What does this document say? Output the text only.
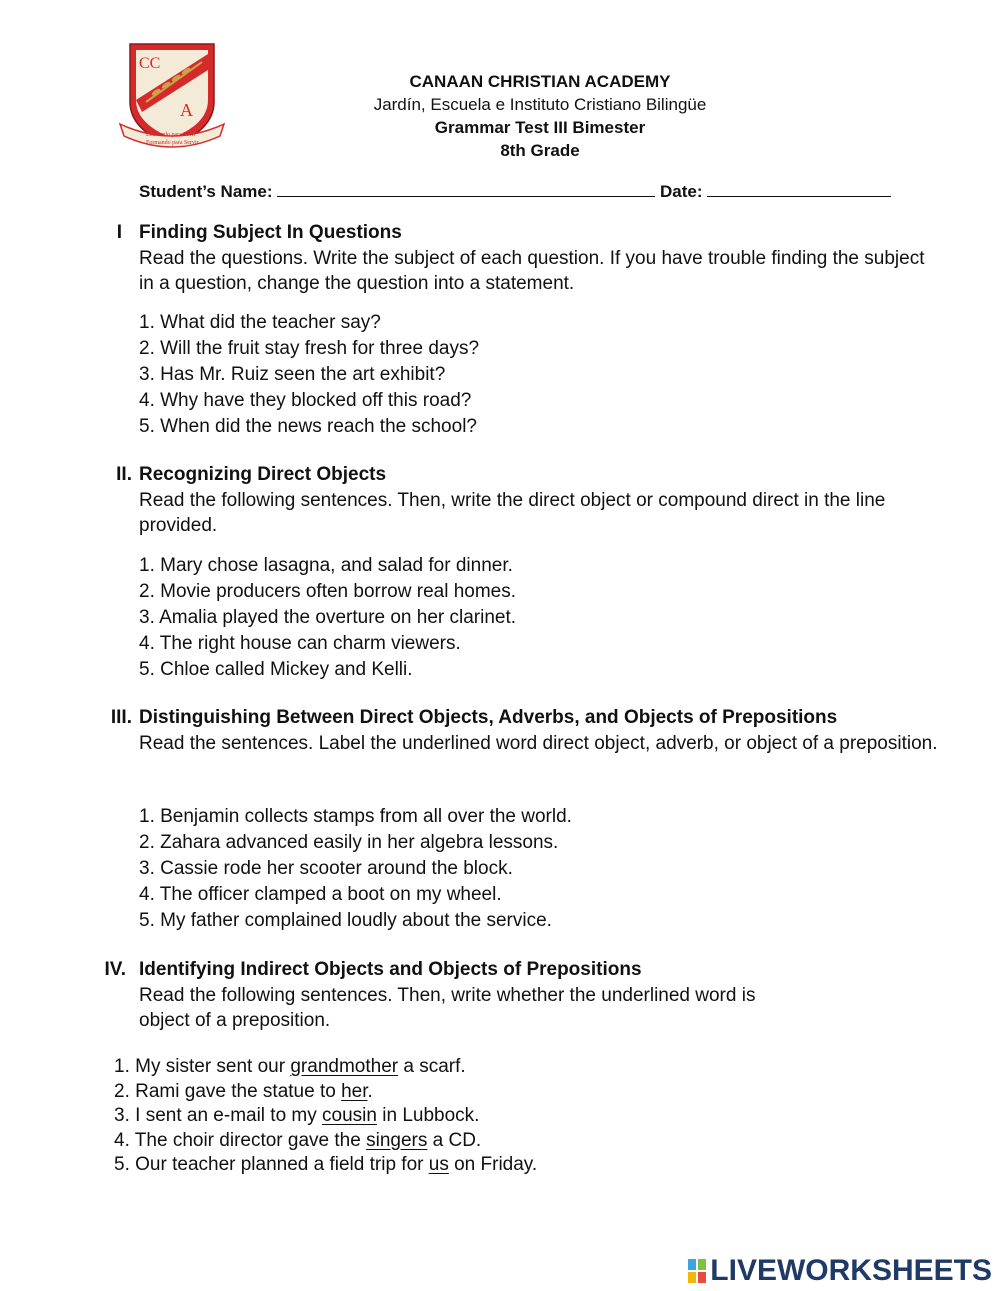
CC
A
Educando para Vivir
Formando para Servir
CANAAN CHRISTIAN ACADEMY
Jardín, Escuela e Instituto Cristiano Bilingüe
Grammar Test III Bimester
8th Grade
Student’s Name:	Date:
I Finding Subject In Questions
Read the questions. Write the subject of each question. If you have trouble finding the subject in a question, change the question into a statement.
1. What did the teacher say?
2. Will the fruit stay fresh for three days?
3. Has Mr. Ruiz seen the art exhibit?
4. Why have they blocked off this road?
5. When did the news reach the school?
II. Recognizing Direct Objects
Read the following sentences. Then, write the direct object or compound direct in the line provided.
1. Mary chose lasagna, and salad for dinner.
2. Movie producers often borrow real homes.
3. Amalia played the overture on her clarinet.
4. The right house can charm viewers.
5. Chloe called Mickey and Kelli.
III. Distinguishing Between Direct Objects, Adverbs, and Objects of Prepositions
Read the sentences. Label the underlined word direct object, adverb, or object of a preposition.
1. Benjamin collects stamps from all over the world.
2. Zahara advanced easily in her algebra lessons.
3. Cassie rode her scooter around the block.
4. The officer clamped a boot on my wheel.
5. My father complained loudly about the service.
IV. Identifying Indirect Objects and Objects of Prepositions
Read the following sentences. Then, write whether the underlined word is
object of a preposition.
1. My sister sent our grandmother a scarf.
2. Rami gave the statue to her.
3. I sent an e-mail to my cousin in Lubbock.
4. The choir director gave the singers a CD.
5. Our teacher planned a field trip for us on Friday.
LIVEWORKSHEETS
